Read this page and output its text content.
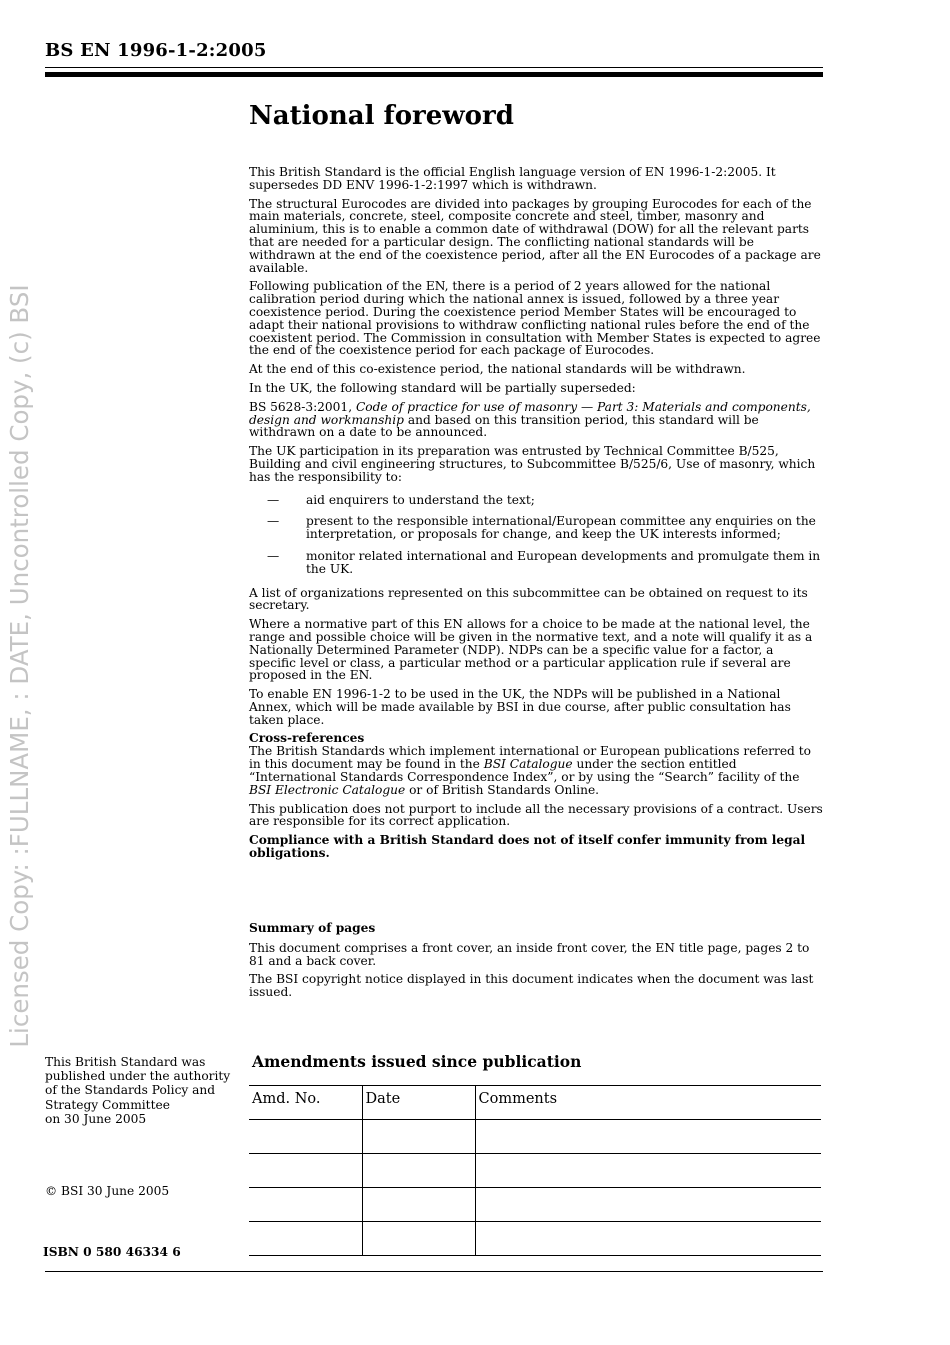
BS EN 1996-1-2:2005
Licensed Copy: :FULLNAME, : DATE, Uncontrolled Copy, (c) BSI
National foreword

This British Standard is the official English language version of EN 1996-1-2:2005. It supersedes DD ENV 1996-1-2:1997 which is withdrawn.

The structural Eurocodes are divided into packages by grouping Eurocodes for each of the main materials, concrete, steel, composite concrete and steel, timber, masonry and aluminium, this is to enable a common date of withdrawal (DOW) for all the relevant parts that are needed for a particular design. The conflicting national standards will be withdrawn at the end of the coexistence period, after all the EN Eurocodes of a package are available.

Following publication of the EN, there is a period of 2 years allowed for the national calibration period during which the national annex is issued, followed by a three year coexistence period. During the coexistence period Member States will be encouraged to adapt their national provisions to withdraw conflicting national rules before the end of the coexistent period. The Commission in consultation with Member States is expected to agree the end of the coexistence period for each package of Eurocodes.

At the end of this co-existence period, the national standards will be withdrawn.

In the UK, the following standard will be partially superseded:

BS 5628-3:2001, Code of practice for use of masonry — Part 3: Materials and components, design and workmanship and based on this transition period, this standard will be withdrawn on a date to be announced.

The UK participation in its preparation was entrusted by Technical Committee B/525, Building and civil engineering structures, to Subcommittee B/525/6, Use of masonry, which has the responsibility to:

—	aid enquirers to understand the text;
—	present to the responsible international/European committee any enquiries on the interpretation, or proposals for change, and keep the UK interests informed;
—	monitor related international and European developments and promulgate them in the UK.

A list of organizations represented on this subcommittee can be obtained on request to its secretary.

Where a normative part of this EN allows for a choice to be made at the national level, the range and possible choice will be given in the normative text, and a note will qualify it as a Nationally Determined Parameter (NDP). NDPs can be a specific value for a factor, a specific level or class, a particular method or a particular application rule if several are proposed in the EN.

To enable EN 1996-1-2 to be used in the UK, the NDPs will be published in a National Annex, which will be made available by BSI in due course, after public consultation has taken place.

Cross-references

The British Standards which implement international or European publications referred to in this document may be found in the BSI Catalogue under the section entitled “International Standards Correspondence Index”, or by using the “Search” facility of the BSI Electronic Catalogue or of British Standards Online.

This publication does not purport to include all the necessary provisions of a contract. Users are responsible for its correct application.

Compliance with a British Standard does not of itself confer immunity from legal obligations.

Summary of pages

This document comprises a front cover, an inside front cover, the EN title page, pages 2 to 81 and a back cover.

The BSI copyright notice displayed in this document indicates when the document was last issued.

This British Standard was
published under the authority
of the Standards Policy and
Strategy Committee
on 30 June 2005
© BSI 30 June 2005
ISBN 0 580 46334 6
Amendments issued since publication
Amd. No.	Date	Comments
